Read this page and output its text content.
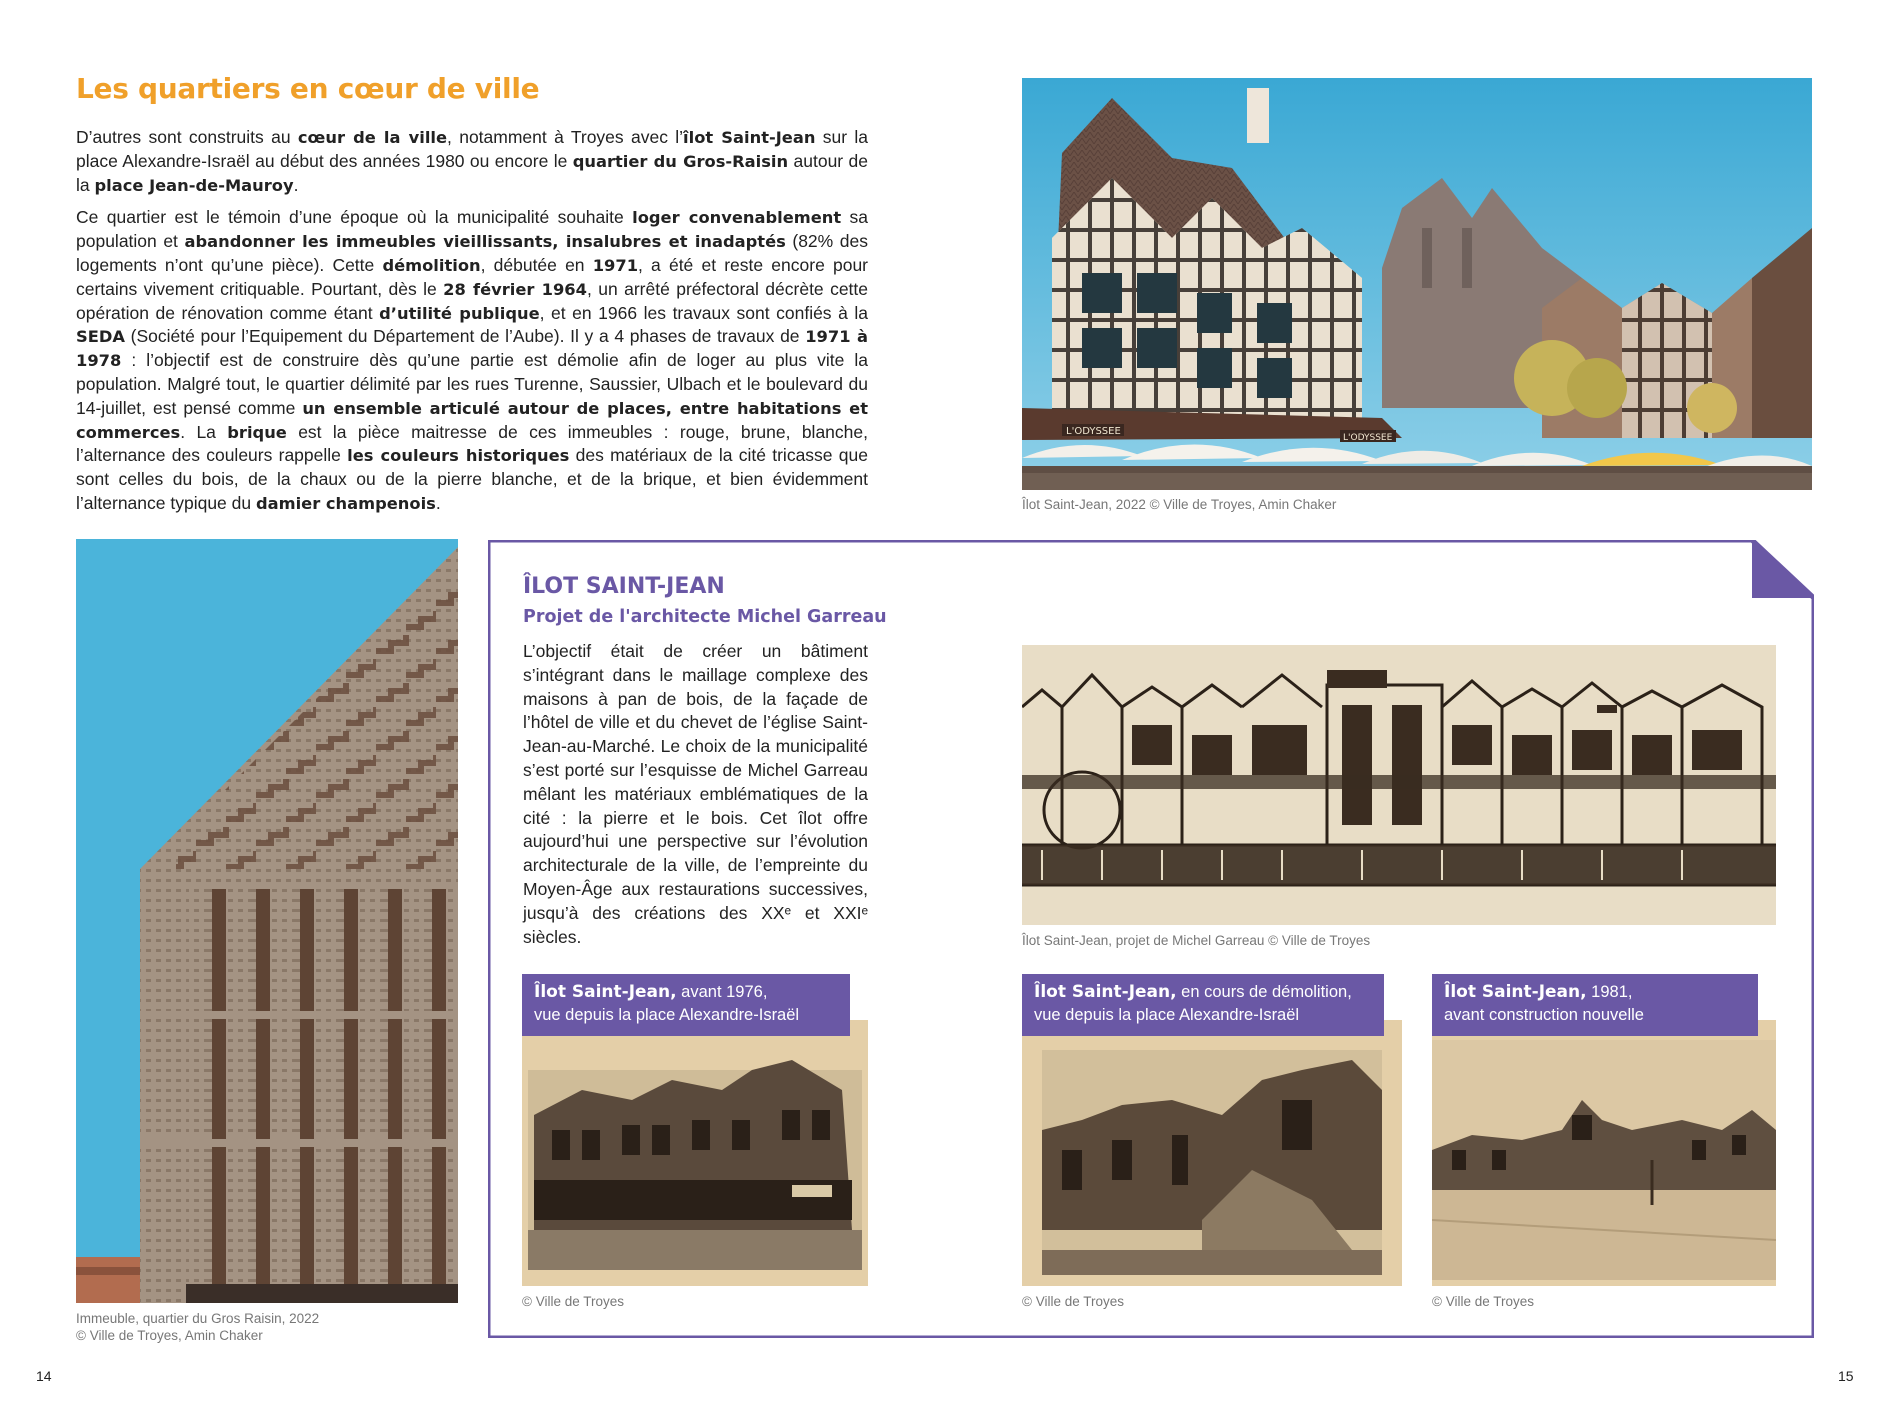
Les quartiers en cœur de ville

D’autres sont construits au cœur de la ville, notamment à Troyes avec l’îlot Saint-Jean sur la place Alexandre-Israël au début des années 1980 ou encore le quartier du Gros-Raisin autour de la place Jean-de-Mauroy.

Ce quartier est le témoin d’une époque où la municipalité souhaite loger convenablement sa population et abandonner les immeubles vieillissants, insalubres et inadaptés (82% des logements n’ont qu’une pièce). Cette démolition, débutée en 1971, a été et reste encore pour certains vivement critiquable. Pourtant, dès le 28 février 1964, un arrêté préfectoral décrète cette opération de rénovation comme étant d’utilité publique, et en 1966 les travaux sont confiés à la SEDA (Société pour l’Equipement du Département de l’Aube). Il y a 4 phases de travaux de 1971 à 1978 : l’objectif est de construire dès qu’une partie est démolie afin de loger au plus vite la population. Malgré tout, le quartier délimité par les rues Turenne, Saussier, Ulbach et le boulevard du 14-juillet, est pensé comme un ensemble articulé autour de places, entre habitations et commerces. La brique est la pièce maitresse de ces immeubles : rouge, brune, blanche, l’alternance des couleurs rappelle les couleurs historiques des matériaux de la cité tricasse que sont celles du bois, de la chaux ou de la pierre blanche, et de la brique, et bien évidemment l’alternance typique du damier champenois.

L'ODYSSEE
L'ODYSSEE
Îlot Saint-Jean, 2022 © Ville de Troyes, Amin Chaker
Immeuble, quartier du Gros Raisin, 2022
© Ville de Troyes, Amin Chaker
ÎLOT SAINT-JEAN
Projet de l'architecte Michel Garreau

L’objectif était de créer un bâtiment s’intégrant dans le maillage complexe des maisons à pan de bois, de la façade de l’hôtel de ville et du chevet de l’église Saint-Jean-au-Marché. Le choix de la municipalité s’est porté sur l’esquisse de Michel Garreau mêlant les matériaux emblématiques de la cité : la pierre et le bois. Cet îlot offre aujourd’hui une perspective sur l’évolution architecturale de la ville, de l’empreinte du Moyen-Âge aux restaurations successives, jusqu’à des créations des XXᵉ et XXIᵉ siècles.	Îlot Saint-Jean, projet de Michel Garreau © Ville de Troyes
Îlot Saint-Jean, avant 1976,
vue depuis la place Alexandre-Israël
© Ville de Troyes
Îlot Saint-Jean, en cours de démolition,
vue depuis la place Alexandre-Israël
© Ville de Troyes
Îlot Saint-Jean, 1981,
avant construction nouvelle
© Ville de Troyes
14	15
